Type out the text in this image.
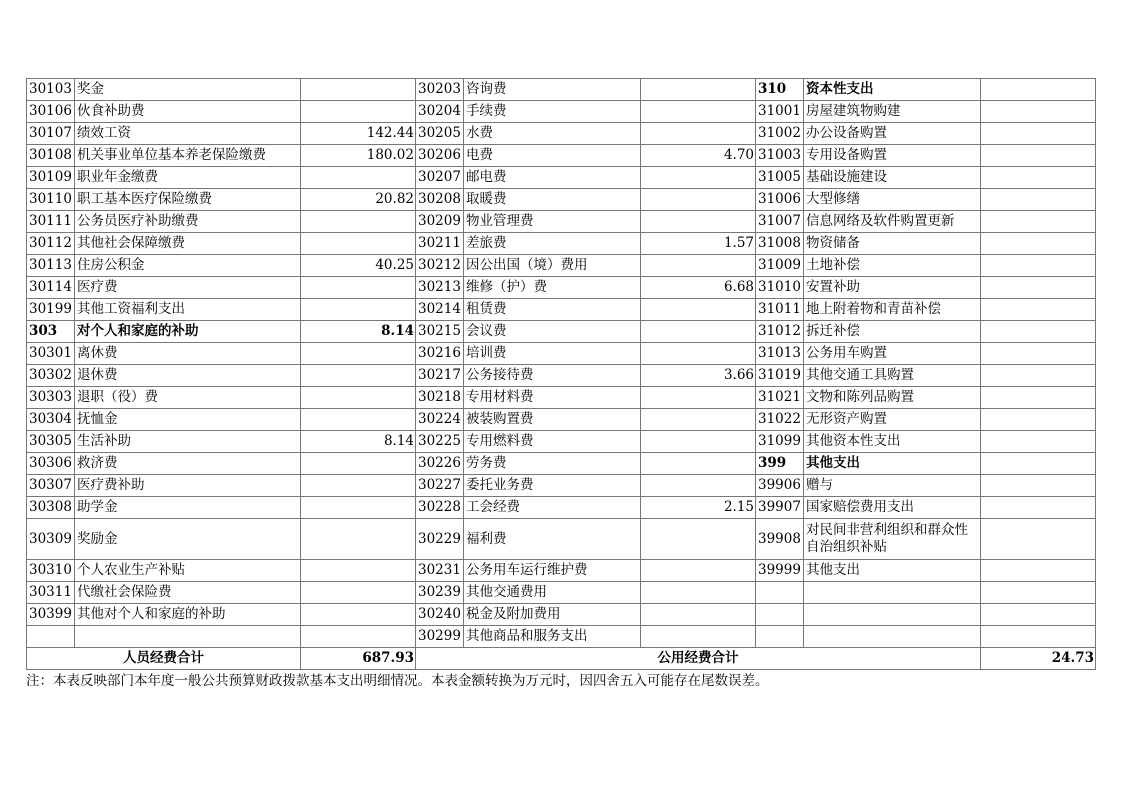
30103	奖金		30203	咨询费		310	资本性支出	
30106	伙食补助费		30204	手续费		31001	房屋建筑物购建	
30107	绩效工资	142.44	30205	水费		31002	办公设备购置	
30108	机关事业单位基本养老保险缴费	180.02	30206	电费	4.70	31003	专用设备购置	
30109	职业年金缴费		30207	邮电费		31005	基础设施建设	
30110	职工基本医疗保险缴费	20.82	30208	取暖费		31006	大型修缮	
30111	公务员医疗补助缴费		30209	物业管理费		31007	信息网络及软件购置更新	
30112	其他社会保障缴费		30211	差旅费	1.57	31008	物资储备	
30113	住房公积金	40.25	30212	因公出国（境）费用		31009	土地补偿	
30114	医疗费		30213	维修（护）费	6.68	31010	安置补助	
30199	其他工资福利支出		30214	租赁费		31011	地上附着物和青苗补偿	
303	对个人和家庭的补助	8.14	30215	会议费		31012	拆迁补偿	
30301	离休费		30216	培训费		31013	公务用车购置	
30302	退休费		30217	公务接待费	3.66	31019	其他交通工具购置	
30303	退职（役）费		30218	专用材料费		31021	文物和陈列品购置	
30304	抚恤金		30224	被装购置费		31022	无形资产购置	
30305	生活补助	8.14	30225	专用燃料费		31099	其他资本性支出	
30306	救济费		30226	劳务费		399	其他支出	
30307	医疗费补助		30227	委托业务费		39906	赠与	
30308	助学金		30228	工会经费	2.15	39907	国家赔偿费用支出	
30309	奖励金		30229	福利费		39908	对民间非营利组织和群众性自治组织补贴	
30310	个人农业生产补贴		30231	公务用车运行维护费		39999	其他支出	
30311	代缴社会保险费		30239	其他交通费用				
30399	其他对个人和家庭的补助		30240	税金及附加费用				
			30299	其他商品和服务支出				
人员经费合计		687.93	公用经费合计					24.73
注：本表反映部门本年度一般公共预算财政拨款基本支出明细情况。本表金额转换为万元时，因四舍五入可能存在尾数误差。
